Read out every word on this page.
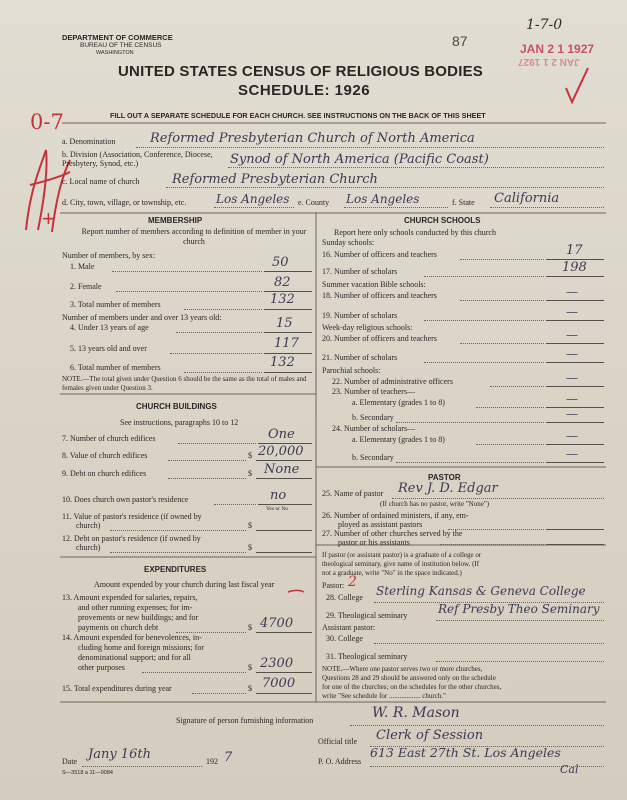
DEPARTMENT OF COMMERCE
BUREAU OF THE CENSUS
WASHINGTON
87
1-7-0
JAN 2 1 1927
JAN 2 1 1927
UNITED STATES CENSUS OF RELIGIOUS BODIES
SCHEDULE: 1926
0-7
+
FILL OUT A SEPARATE SCHEDULE FOR EACH CHURCH. SEE INSTRUCTIONS ON THE BACK OF THIS SHEET
a. Denomination	Reformed Presbyterian Church of North America
b. Division (Association, Conference, Diocese, Presbytery, Synod, etc.)	Synod of North America (Pacific Coast)
c. Local name of church Reformed Presbyterian Church
d. City, town, village, or township, etc. Los Angeles e. County Los Angeles	f. State California
MEMBERSHIP
Report number of members according to definition of member in your church
Number of members, by sex:
1. Male	50
2. Female	82
3. Total number of members	132
Number of members under and over 13 years old:
4. Under 13 years of age	15
5. 13 years old and over	117
6. Total number of members	132
NOTE.—The total given under Question 6 should be the same as the total of males and females given under Question 3.
CHURCH BUILDINGS
See instructions, paragraphs 10 to 12
7. Number of church edifices	One
8. Value of church edifices	$ 20,000
9. Debt on church edifices	$ None
10. Does church own pastor's residence	no
Yes or No
11. Value of pastor's residence (if owned by
church)	$
12. Debt on pastor's residence (if owned by
church)	$
EXPENDITURES
Amount expended by your church during last fiscal year
13. Amount expended for salaries, repairs,
and other running expenses; for im-
provements or new buildings; and for
payments on church debt	$ 4700
14. Amount expended for benevolences, in-
cluding home and foreign missions; for
denominational support; and for all
other purposes	$ 2300
15. Total expenditures during year	$ 7000
CHURCH SCHOOLS
Report here only schools conducted by this church
Sunday schools:
16. Number of officers and teachers	17
17. Number of scholars	198
Summer vacation Bible schools:
18. Number of officers and teachers	—
19. Number of scholars	—
Week-day religious schools:
20. Number of officers and teachers	—
21. Number of scholars	—
Parochial schools:
22. Number of administrative officers	—
23. Number of teachers—
a. Elementary (grades 1 to 8)	—
b. Secondary	—
24. Number of scholars—
a. Elementary (grades 1 to 8)	—
b. Secondary	—
PASTOR
25. Name of pastor Rev J. D. Edgar
(If church has no pastor, write "None")
26. Number of ordained ministers, if any, em-
ployed as assistant pastors
27. Number of other churches served by the
pastor or his assistants
If pastor (or assistant pastor) is a graduate of a college or
theological seminary, give name of institution below. (If
not a graduate, write "No" in the space indicated.)
Pastor: 2
28. College Sterling Kansas & Geneva College
29. Theological seminary	Ref Presby Theo Seminary
Assistant pastor:
30. College
31. Theological seminary
NOTE.—Where one pastor serves two or more churches,
Questions 28 and 29 should be answered only on the schedule
for one of the churches; on the schedules for the other churches,
write "See schedule for .................. church."
Signature of person furnishing information	W. R. Mason
Official title Clerk of Session
Date Jany 16th	192 7	P. O. Address
613 East 27th St. Los Angeles
Cal
S—3518 a 11—9084
